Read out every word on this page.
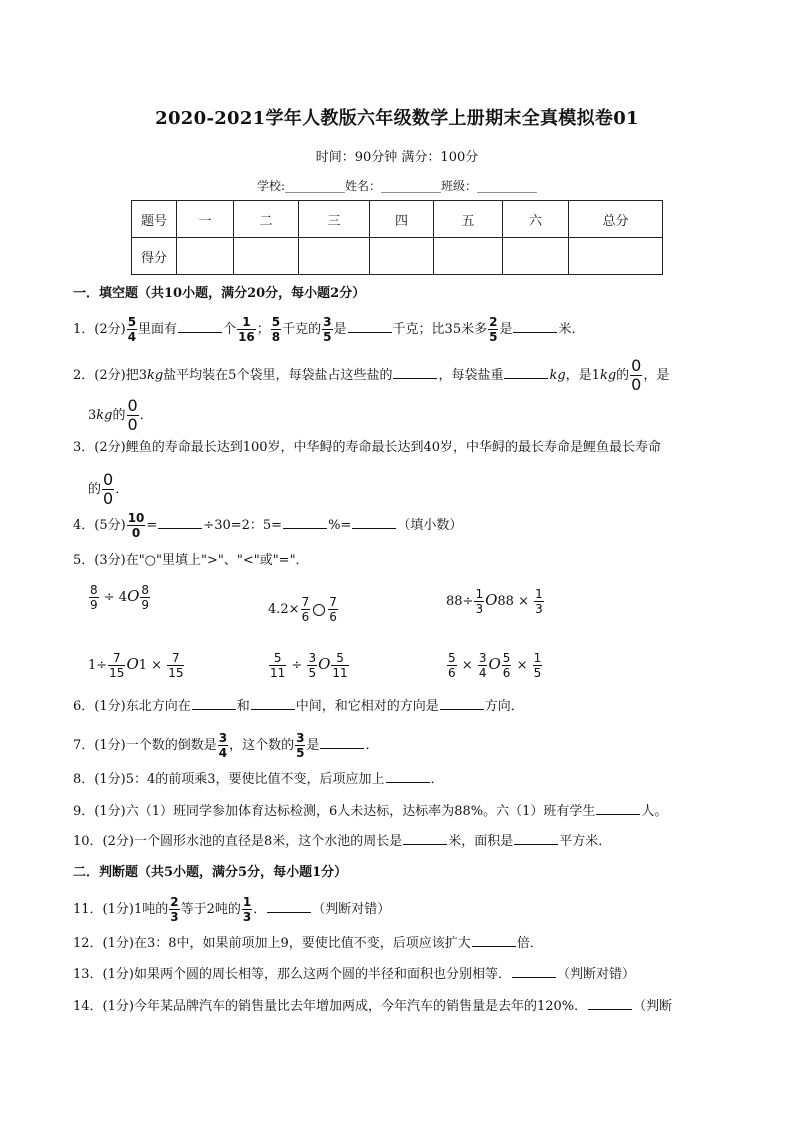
2020-2021学年人教版六年级数学上册期末全真模拟卷01
时间：90分钟 满分：100分
学校:__________姓名：__________班级：__________
题号	一	二	三	四	五	六	总分
得分							
一．填空题（共10小题，满分20分，每小题2分）
1．(2分) $\frac{5}{4}$ 里面有	个 $\frac{1}{16}$ ； $\frac{5}{8}$ 千克的 $\frac{3}{5}$ 是	千克；比35米多 $\frac{2}{5}$ 是	米．
2．(2分)把3kg盐平均装在5个袋里，每袋盐占这些盐的	，每袋盐重	kg，是1kg的 $\frac{0}{0}$ ，是
3kg的 $\frac{0}{0}$ ．
3．(2分)鲤鱼的寿命最长达到100岁，中华鲟的寿命最长达到40岁，中华鲟的最长寿命是鲤鱼最长寿命
的 $\frac{0}{0}$ ．
4．(5分) $\frac{10}{0}$ =	÷30=2：5=	%=	（填小数）
5．(3分)在"○"里填上">"、"<"或"="．
$\frac{8}{9} \div 4O \frac{8}{9}$	$4.2\times \frac{7}{6} \frac{7}{6}$	$88\div \frac{1}{3} O88 \times \frac{1}{3}$
$1\div \frac{7}{15} O1 \times \frac{7}{15}$	$\frac{5}{11} \div \frac{3}{5}$ O $\frac{5}{11}$	$\frac{5}{6} \times \frac{3}{4}$ O $\frac{5}{6} \times \frac{1}{5}$
6．(1分)东北方向在	和	中间，和它相对的方向是	方向．
7．(1分)一个数的倒数是 $\frac{3}{4}$ ，这个数的 $\frac{3}{5}$ 是	．
8．(1分)5：4的前项乘3，要使比值不变，后项应加上	．
9．(1分)六（1）班同学参加体育达标检测，6人未达标，达标率为88%。六（1）班有学生	人。
10．(2分)一个圆形水池的直径是8米，这个水池的周长是	米，面积是	平方米．
二．判断题（共5小题，满分5分，每小题1分）
11．(1分)1吨的 $\frac{2}{3}$ 等于2吨的 $\frac{1}{3}$ ．	（判断对错）
12．(1分)在3：8中，如果前项加上9，要使比值不变，后项应该扩大	倍．
13．(1分)如果两个圆的周长相等，那么这两个圆的半径和面积也分别相等．	（判断对错）
14．(1分)今年某品牌汽车的销售量比去年增加两成，今年汽车的销售量是去年的120%．	（判断
